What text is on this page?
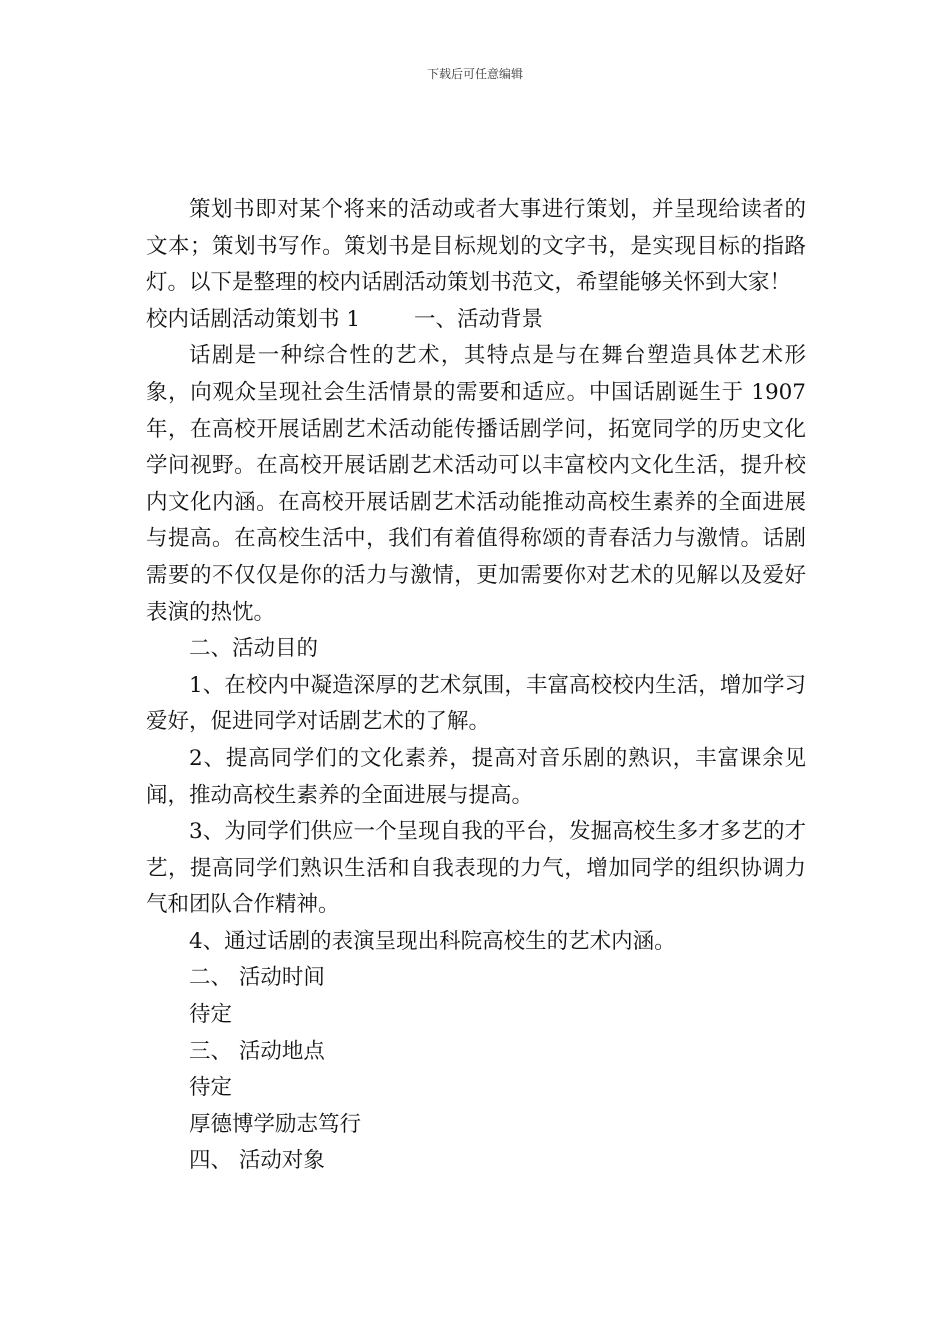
下载后可任意编辑

策划书即对某个将来的活动或者大事进行策划，并呈现给读者的文本；策划书写作。策划书是目标规划的文字书，是实现目标的指路灯。以下是整理的校内话剧活动策划书范文，希望能够关怀到大家！

校内话剧活动策划书 1	一、活动背景

话剧是一种综合性的艺术，其特点是与在舞台塑造具体艺术形象，向观众呈现社会生活情景的需要和适应。中国话剧诞生于 1907 年，在高校开展话剧艺术活动能传播话剧学问，拓宽同学的历史文化学问视野。在高校开展话剧艺术活动可以丰富校内文化生活，提升校内文化内涵。在高校开展话剧艺术活动能推动高校生素养的全面进展与提高。在高校生活中，我们有着值得称颂的青春活力与激情。话剧需要的不仅仅是你的活力与激情，更加需要你对艺术的见解以及爱好表演的热忱。

二、活动目的

1、在校内中凝造深厚的艺术氛围，丰富高校校内生活，增加学习爱好，促进同学对话剧艺术的了解。

2、提高同学们的文化素养，提高对音乐剧的熟识，丰富课余见闻，推动高校生素养的全面进展与提高。

3、为同学们供应一个呈现自我的平台，发掘高校生多才多艺的才艺，提高同学们熟识生活和自我表现的力气，增加同学的组织协调力气和团队合作精神。

4、通过话剧的表演呈现出科院高校生的艺术内涵。

二、 活动时间

待定

三、 活动地点

待定

厚德博学励志笃行

四、 活动对象
